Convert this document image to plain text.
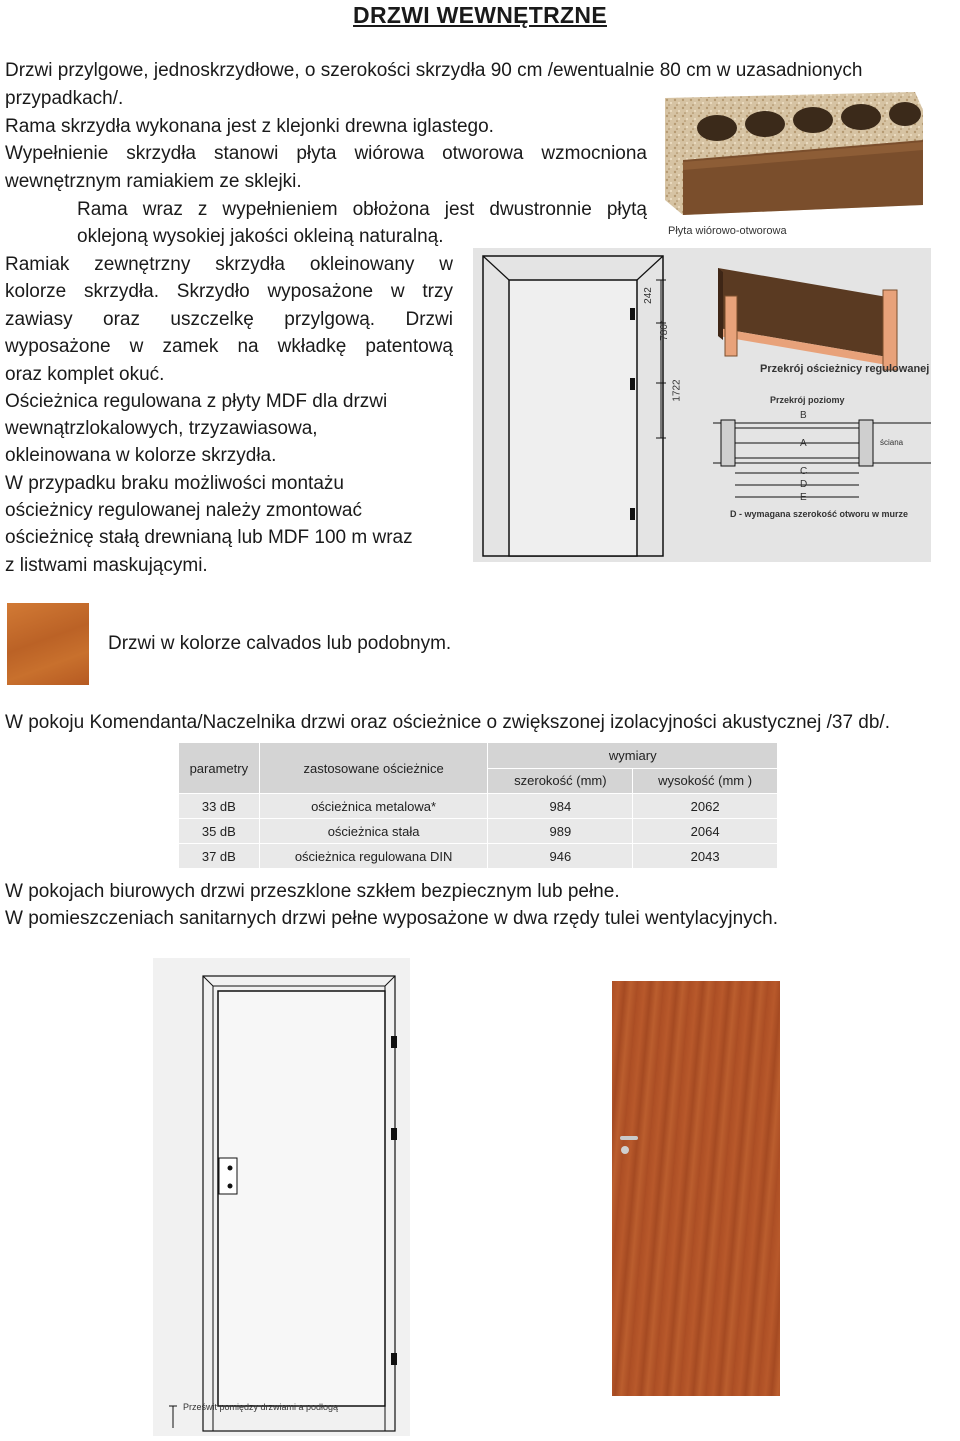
DRZWI WEWNĘTRZNE
Drzwi przylgowe, jednoskrzydłowe, o szerokości skrzydła 90 cm /ewentualnie 80 cm w uzasadnionych
przypadkach/.
Rama skrzydła wykonana jest z klejonki drewna iglastego.
Wypełnienie skrzydła stanowi płyta wiórowa otworowa wzmocniona
wewnętrznym ramiakiem ze sklejki.
Rama wraz z wypełnieniem obłożona jest dwustronnie płytą
oklejoną wysokiej jakości okleiną naturalną.
Ramiak zewnętrzny skrzydła okleinowany w
kolorze skrzydła. Skrzydło wyposażone w trzy
zawiasy oraz uszczelkę przylgową. Drzwi
wyposażone w zamek na wkładkę patentową
oraz komplet okuć.
Ościeżnica regulowana z płyty MDF dla drzwi
wewnątrzlokalowych, trzyzawiasowa,
okleinowana w kolorze skrzydła.
W przypadku braku możliwości montażu
ościeżnicy regulowanej należy zmontować
ościeżnicę stałą drewnianą lub MDF 100 m wraz
z listwami maskującymi.
Płyta wiórowo-otworowa
242
780*
1722
Przekrój ościeżnicy regulowanej
Przekrój poziomy
B
A
C
D
E
ściana
D - wymagana szerokość otworu w murze
Drzwi w kolorze calvados lub podobnym.
W pokoju Komendanta/Naczelnika drzwi oraz ościeżnice o zwiększonej izolacyjności akustycznej /37 db/.
parametry	zastosowane ościeżnice	wymiary	
		szerokość (mm)	wysokość (mm )
33 dB	ościeżnica metalowa*	984	2062
35 dB	ościeżnica stała	989	2064
37 dB	ościeżnica regulowana DIN	946	2043
W pokojach biurowych drzwi przeszklone szkłem bezpiecznym lub pełne.
W pomieszczeniach sanitarnych drzwi pełne wyposażone w dwa rzędy tulei wentylacyjnych.
Prześwit pomiędzy drzwiami a podłogą
